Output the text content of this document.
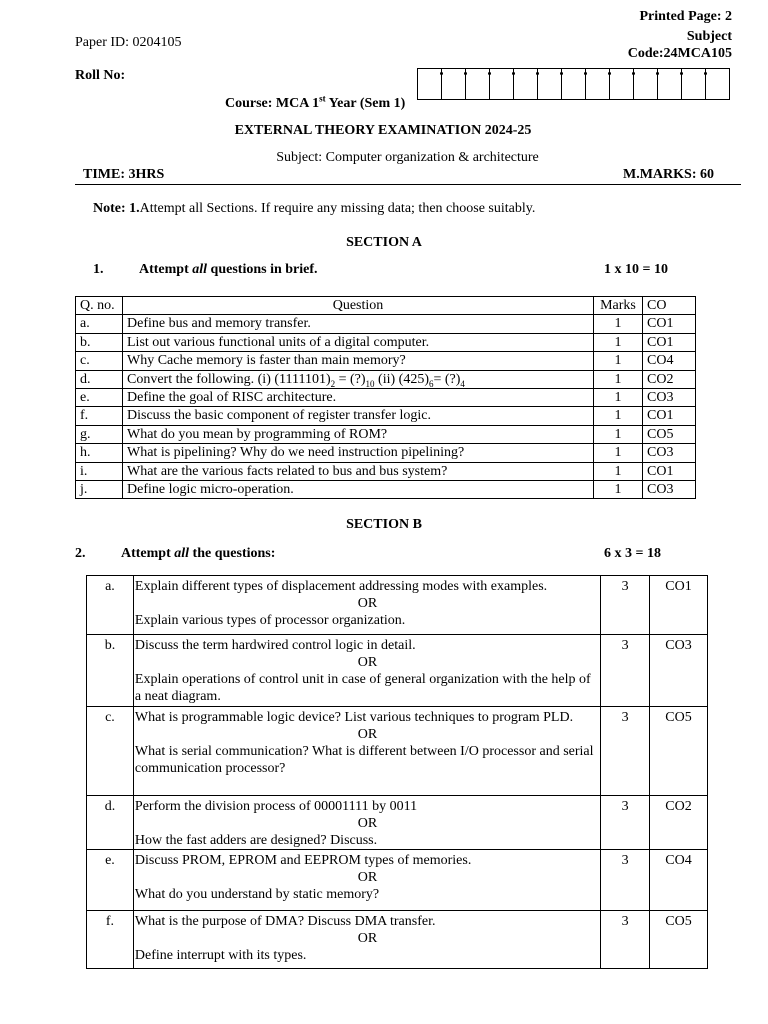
Printed Page: 2
Subject
Code:24MCA105
Paper ID: 0204105
Roll No:
Course: MCA 1st Year (Sem 1)
EXTERNAL THEORY EXAMINATION 2024-25
Subject: Computer organization & architecture
TIME: 3HRS	M.MARKS: 60
Note: 1.Attempt all Sections. If require any missing data; then choose suitably.
SECTION A
1.	Attempt all questions in brief.	1 x 10 = 10
Q. no.	Question	Marks	CO
a.	Define bus and memory transfer.	1	CO1
b.	List out various functional units of a digital computer.	1	CO1
c.	Why Cache memory is faster than main memory?	1	CO4
d.	Convert the following. (i) $(1111101)_2$ = $(?)_{10}$ (ii) $(425)_6=$ $(?)_4$	1	CO2
e.	Define the goal of RISC architecture.	1	CO3
f.	Discuss the basic component of register transfer logic.	1	CO1
g.	What do you mean by programming of ROM?	1	CO5
h.	What is pipelining? Why do we need instruction pipelining?	1	CO3
i.	What are the various facts related to bus and bus system?	1	CO1
j.	Define logic micro-operation.	1	CO3
SECTION B
2.	Attempt all the questions:	6 x 3 = 18
a.	Explain different types of displacement addressing modes with examples.
OR
Explain various types of processor organization.	3	CO1
b.	Discuss the term hardwired control logic in detail.
OR
Explain operations of control unit in case of general organization with the help of a neat diagram.	3	CO3
c.	What is programmable logic device? List various techniques to program PLD.
OR
What is serial communication? What is different between I/O processor and serial communication processor?	3	CO5
d.	Perform the division process of 00001111 by 0011
OR
How the fast adders are designed? Discuss.	3	CO2
e.	Discuss PROM, EPROM and EEPROM types of memories.
OR
What do you understand by static memory?	3	CO4
f.	What is the purpose of DMA? Discuss DMA transfer.
OR
Define interrupt with its types.	3	CO5
